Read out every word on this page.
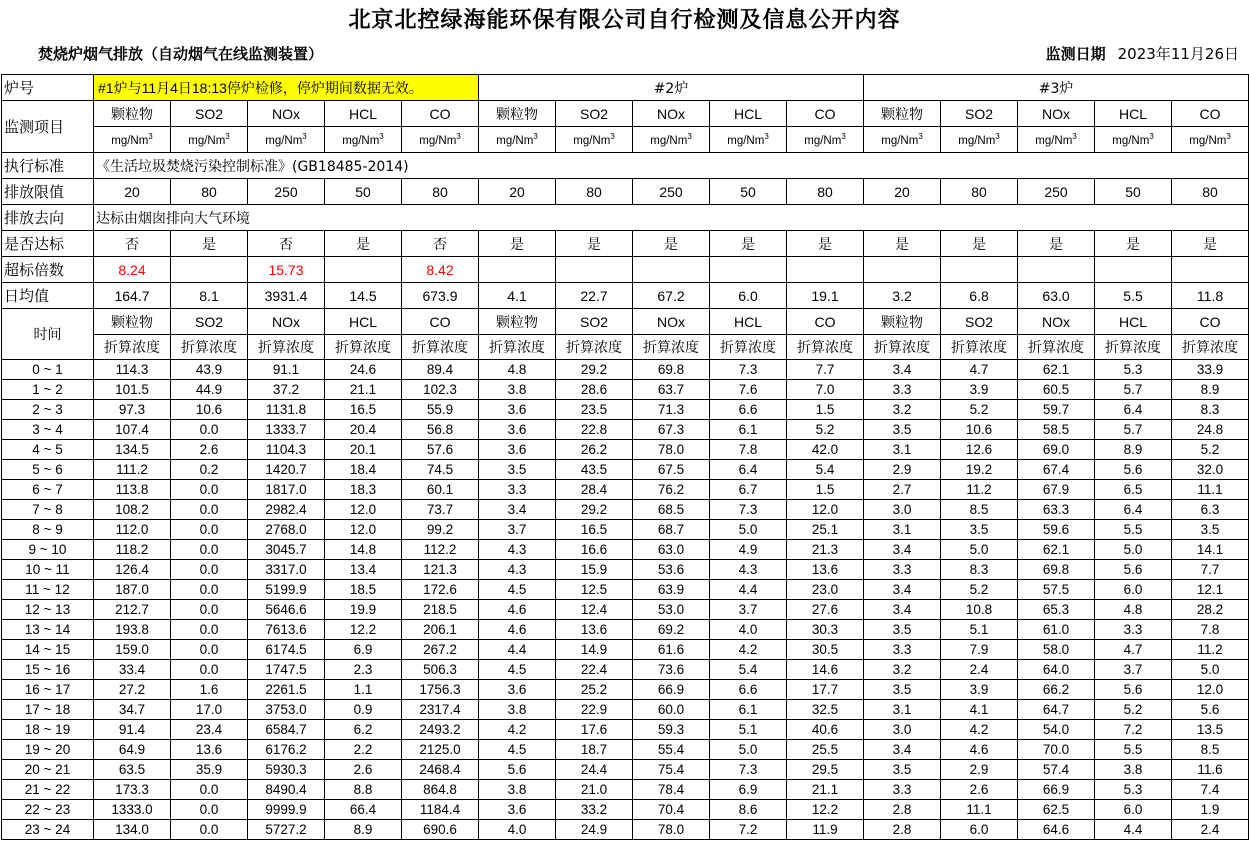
北京北控绿海能环保有限公司自行检测及信息公开内容
焚烧炉烟气排放（自动烟气在线监测装置）	监测日期 2023年11月26日
炉号	#1炉与11月4日18:13停炉检修，停炉期间数据无效。					#2炉					#3炉				
监测项目	颗粒物	SO2	NOx	HCL	CO	颗粒物	SO2	NOx	HCL	CO	颗粒物	SO2	NOx	HCL	CO
	mg/Nm$^3$	mg/Nm$^3$	mg/Nm$^3$	mg/Nm$^3$	mg/Nm$^3$	mg/Nm$^3$	mg/Nm$^3$	mg/Nm$^3$	mg/Nm$^3$	mg/Nm$^3$	mg/Nm$^3$	mg/Nm$^3$	mg/Nm$^3$	mg/Nm$^3$	mg/Nm$^3$
执行标准	《生活垃圾焚烧污染控制标准》(GB18485-2014)														
排放限值	20	80	250	50	80	20	80	250	50	80	20	80	250	50	80
排放去向	达标由烟囱排向大气环境														
是否达标	否	是	否	是	否	是	是	是	是	是	是	是	是	是	是
超标倍数	8.24		15.73		8.42										
日均值	164.7	8.1	3931.4	14.5	673.9	4.1	22.7	67.2	6.0	19.1	3.2	6.8	63.0	5.5	11.8
时间	颗粒物	SO2	NOx	HCL	CO	颗粒物	SO2	NOx	HCL	CO	颗粒物	SO2	NOx	HCL	CO
	折算浓度	折算浓度	折算浓度	折算浓度	折算浓度	折算浓度	折算浓度	折算浓度	折算浓度	折算浓度	折算浓度	折算浓度	折算浓度	折算浓度	折算浓度
0 ~ 1	114.3	43.9	91.1	24.6	89.4	4.8	29.2	69.8	7.3	7.7	3.4	4.7	62.1	5.3	33.9
1 ~ 2	101.5	44.9	37.2	21.1	102.3	3.8	28.6	63.7	7.6	7.0	3.3	3.9	60.5	5.7	8.9
2 ~ 3	97.3	10.6	1131.8	16.5	55.9	3.6	23.5	71.3	6.6	1.5	3.2	5.2	59.7	6.4	8.3
3 ~ 4	107.4	0.0	1333.7	20.4	56.8	3.6	22.8	67.3	6.1	5.2	3.5	10.6	58.5	5.7	24.8
4 ~ 5	134.5	2.6	1104.3	20.1	57.6	3.6	26.2	78.0	7.8	42.0	3.1	12.6	69.0	8.9	5.2
5 ~ 6	111.2	0.2	1420.7	18.4	74.5	3.5	43.5	67.5	6.4	5.4	2.9	19.2	67.4	5.6	32.0
6 ~ 7	113.8	0.0	1817.0	18.3	60.1	3.3	28.4	76.2	6.7	1.5	2.7	11.2	67.9	6.5	11.1
7 ~ 8	108.2	0.0	2982.4	12.0	73.7	3.4	29.2	68.5	7.3	12.0	3.0	8.5	63.3	6.4	6.3
8 ~ 9	112.0	0.0	2768.0	12.0	99.2	3.7	16.5	68.7	5.0	25.1	3.1	3.5	59.6	5.5	3.5
9 ~ 10	118.2	0.0	3045.7	14.8	112.2	4.3	16.6	63.0	4.9	21.3	3.4	5.0	62.1	5.0	14.1
10 ~ 11	126.4	0.0	3317.0	13.4	121.3	4.3	15.9	53.6	4.3	13.6	3.3	8.3	69.8	5.6	7.7
11 ~ 12	187.0	0.0	5199.9	18.5	172.6	4.5	12.5	63.9	4.4	23.0	3.4	5.2	57.5	6.0	12.1
12 ~ 13	212.7	0.0	5646.6	19.9	218.5	4.6	12.4	53.0	3.7	27.6	3.4	10.8	65.3	4.8	28.2
13 ~ 14	193.8	0.0	7613.6	12.2	206.1	4.6	13.6	69.2	4.0	30.3	3.5	5.1	61.0	3.3	7.8
14 ~ 15	159.0	0.0	6174.5	6.9	267.2	4.4	14.9	61.6	4.2	30.5	3.3	7.9	58.0	4.7	11.2
15 ~ 16	33.4	0.0	1747.5	2.3	506.3	4.5	22.4	73.6	5.4	14.6	3.2	2.4	64.0	3.7	5.0
16 ~ 17	27.2	1.6	2261.5	1.1	1756.3	3.6	25.2	66.9	6.6	17.7	3.5	3.9	66.2	5.6	12.0
17 ~ 18	34.7	17.0	3753.0	0.9	2317.4	3.8	22.9	60.0	6.1	32.5	3.1	4.1	64.7	5.2	5.6
18 ~ 19	91.4	23.4	6584.7	6.2	2493.2	4.2	17.6	59.3	5.1	40.6	3.0	4.2	54.0	7.2	13.5
19 ~ 20	64.9	13.6	6176.2	2.2	2125.0	4.5	18.7	55.4	5.0	25.5	3.4	4.6	70.0	5.5	8.5
20 ~ 21	63.5	35.9	5930.3	2.6	2468.4	5.6	24.4	75.4	7.3	29.5	3.5	2.9	57.4	3.8	11.6
21 ~ 22	173.3	0.0	8490.4	8.8	864.8	3.8	21.0	78.4	6.9	21.1	3.3	2.6	66.9	5.3	7.4
22 ~ 23	1333.0	0.0	9999.9	66.4	1184.4	3.6	33.2	70.4	8.6	12.2	2.8	11.1	62.5	6.0	1.9
23 ~ 24	134.0	0.0	5727.2	8.9	690.6	4.0	24.9	78.0	7.2	11.9	2.8	6.0	64.6	4.4	2.4
